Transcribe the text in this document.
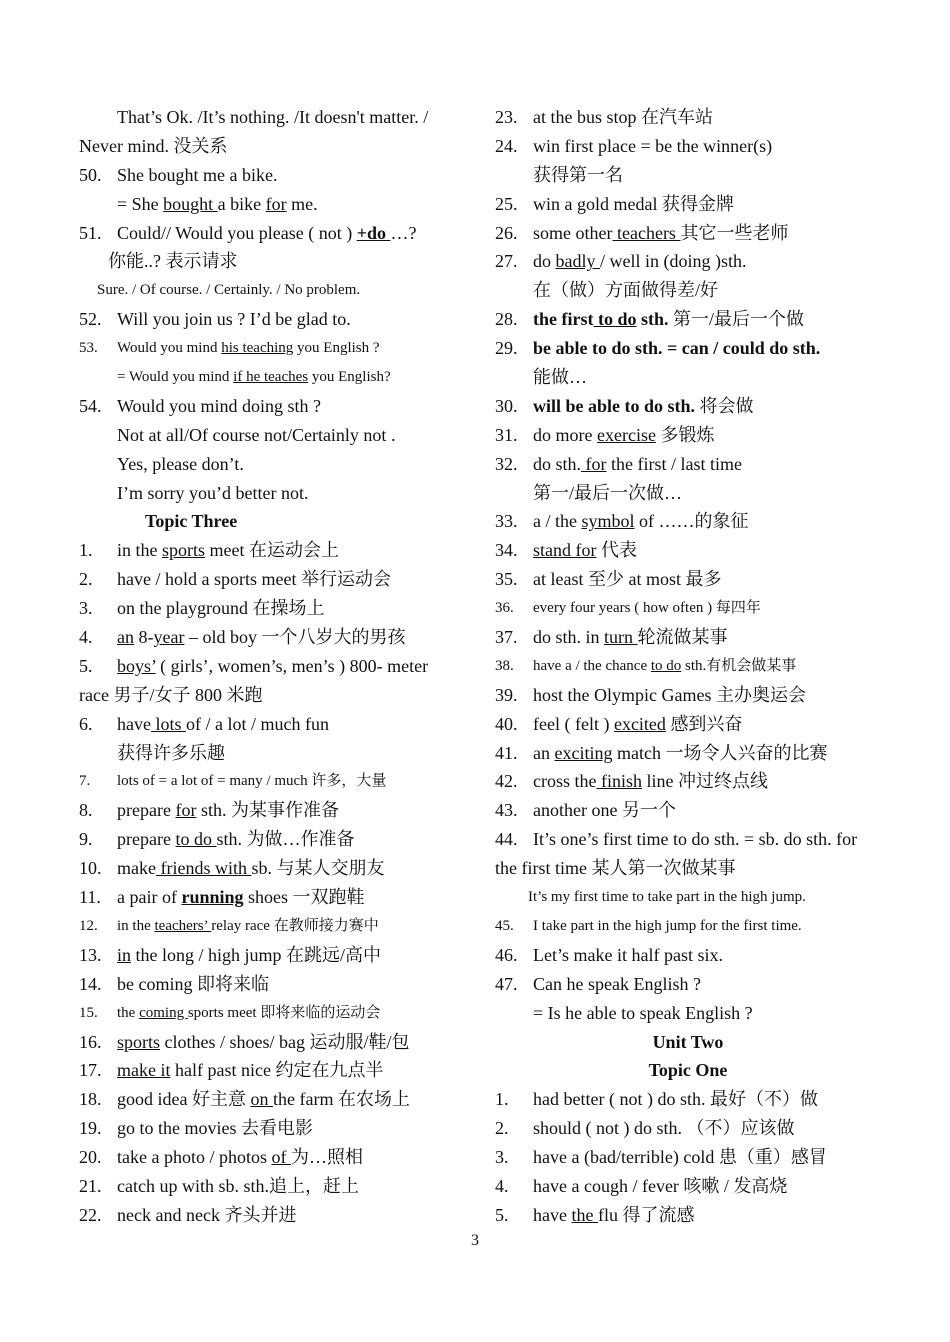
That’s Ok. /It’s nothing. /It doesn't matter. /
Never mind. 没关系
50. She bought me a bike.
= She bought a bike for me.
51. Could// Would you please ( not ) +do …?
你能..? 表示请求
Sure. / Of course. / Certainly. / No problem.
52. Will you join us ? I’d be glad to.
53. Would you mind his teaching you English ?
= Would you mind if he teaches you English?
54. Would you mind doing sth ?
Not at all/Of course not/Certainly not .
Yes, please don’t.
I’m sorry you’d better not.
Topic Three
1. in the sports meet 在运动会上
2. have / hold a sports meet 举行运动会
3. on the playground 在操场上
4. an 8-year – old boy 一个八岁大的男孩
5. boys’ ( girls’, women’s, men’s ) 800- meter
race 男子/女子 800 米跑
6. have lots of / a lot / much fun
获得许多乐趣
7. lots of = a lot of = many / much 许多，大量
8. prepare for sth. 为某事作准备
9. prepare to do sth. 为做…作准备
10. make friends with sb. 与某人交朋友
11. a pair of running shoes 一双跑鞋
12. in the teachers’ relay race 在教师接力赛中
13. in the long / high jump 在跳远/高中
14. be coming 即将来临
15. the coming sports meet 即将来临的运动会
16. sports clothes / shoes/ bag 运动服/鞋/包
17. make it half past nice 约定在九点半
18. good idea 好主意 on the farm 在农场上
19. go to the movies 去看电影
20. take a photo / photos of 为…照相
21. catch up with sb. sth.追上，赶上
22. neck and neck 齐头并进
23. at the bus stop 在汽车站
24. win first place = be the winner(s)
获得第一名
25. win a gold medal 获得金牌
26. some other teachers 其它一些老师
27. do badly / well in (doing )sth.
在（做）方面做得差/好
28. the first to do sth. 第一/最后一个做
29. be able to do sth. = can / could do sth.
能做…
30. will be able to do sth. 将会做
31. do more exercise 多锻炼
32. do sth. for the first / last time
第一/最后一次做…
33. a / the symbol of ……的象征
34. stand for 代表
35. at least 至少 at most 最多
36. every four years ( how often ) 每四年
37. do sth. in turn 轮流做某事
38. have a / the chance to do sth.有机会做某事
39. host the Olympic Games 主办奥运会
40. feel ( felt ) excited 感到兴奋
41. an exciting match 一场令人兴奋的比赛
42. cross the finish line 冲过终点线
43. another one 另一个
44. It’s one’s first time to do sth. = sb. do sth. for
the first time 某人第一次做某事
It’s my first time to take part in the high jump.
45. I take part in the high jump for the first time.
46. Let’s make it half past six.
47. Can he speak English ?
= Is he able to speak English ?
Unit Two
Topic One
1. had better ( not ) do sth. 最好（不）做
2. should ( not ) do sth. （不）应该做
3. have a (bad/terrible) cold 患（重）感冒
4. have a cough / fever 咳嗽 / 发高烧
5. have the flu 得了流感
3
